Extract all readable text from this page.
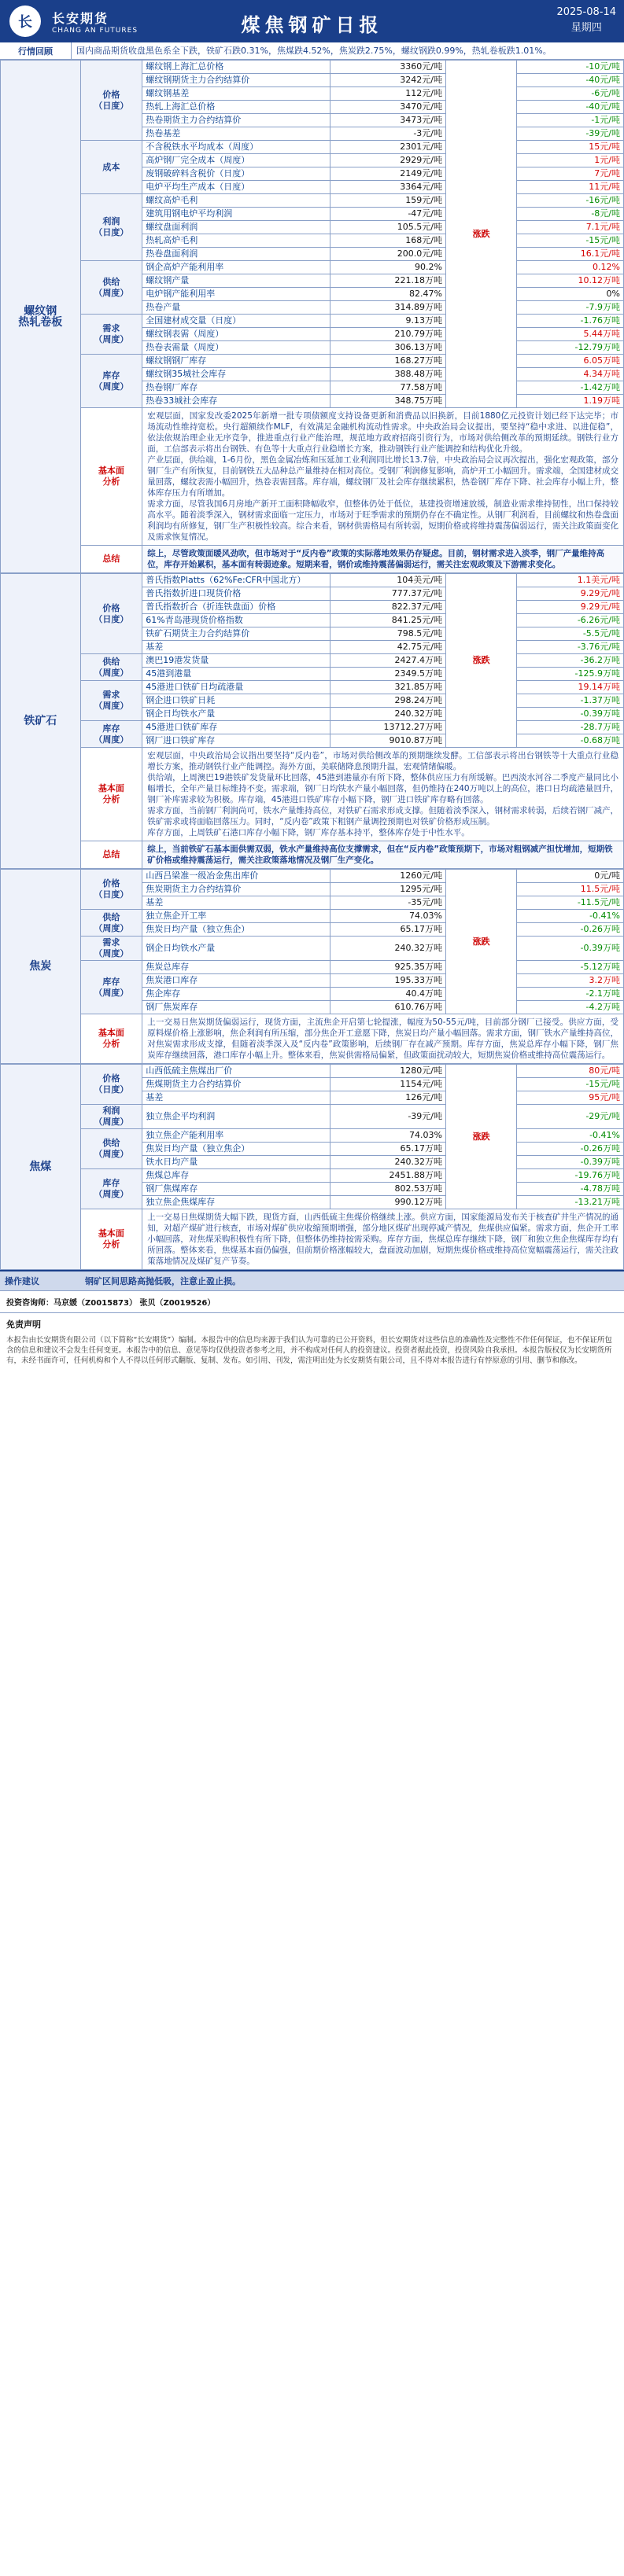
长	长安期货
CHANG AN FUTURES	煤焦钢矿日报
2025-08-14
星期四
行情回顾	国内商品期货收盘黑色系全下跌，铁矿石跌0.31%，焦煤跌4.52%，焦炭跌2.75%，螺纹钢跌0.99%，热轧卷板跌1.01%。
螺纹钢
热轧卷板	价格
（日度）	螺纹钢上海汇总价格	3360元/吨	涨跌	-10元/吨
		螺纹钢期货主力合约结算价	3242元/吨		-40元/吨
		螺纹钢基差	112元/吨		-6元/吨
		热轧上海汇总价格	3470元/吨		-40元/吨
		热卷期货主力合约结算价	3473元/吨		-1元/吨
		热卷基差	-3元/吨		-39元/吨
	成本	不含税铁水平均成本（周度）	2301元/吨		15元/吨
		高炉钢厂完全成本（周度）	2929元/吨		1元/吨
		废钢破碎料含税价（日度）	2149元/吨		7元/吨
		电炉平均生产成本（日度）	3364元/吨		11元/吨
	利润
（日度）	螺纹高炉毛利	159元/吨		-16元/吨
		建筑用钢电炉平均利润	-47元/吨		-8元/吨
		螺纹盘面利润	105.5元/吨		7.1元/吨
		热轧高炉毛利	168元/吨		-15元/吨
		热卷盘面利润	200.0元/吨		16.1元/吨
	供给
（周度）	钢企高炉产能利用率	90.2%		0.12%
		螺纹钢产量	221.18万吨		10.12万吨
		电炉钢产能利用率	82.47%		0%
		热卷产量	314.89万吨		-7.9万吨
	需求
（周度）	全国建材成交量（日度）	9.13万吨		-1.76万吨
		螺纹钢表需（周度）	210.79万吨		5.44万吨
		热卷表需量（周度）	306.13万吨		-12.79万吨
	库存
（周度）	螺纹钢钢厂库存	168.27万吨		6.05万吨
		螺纹钢35城社会库存	388.48万吨		4.34万吨
		热卷钢厂库存	77.58万吨		-1.42万吨
		热卷33城社会库存	348.75万吨		1.19万吨
	基本面
分析	宏观层面，国家发改委2025年新增一批专项债额度支持设备更新和消费品以旧换新，目前1880亿元投资计划已经下达完毕；市场流动性维持宽松。央行超额续作MLF，有效满足金融机构流动性需求。中央政治局会议提出，要坚持“稳中求进、以进促稳”，依法依规治理企业无序竞争，推进重点行业产能治理，规范地方政府招商引资行为，市场对供给侧改革的预期延续。钢铁行业方面，工信部表示将出台钢铁、有色等十大重点行业稳增长方案，推动钢铁行业产能调控和结构优化升级。
产业层面，供给端，1-6月份，黑色金属冶炼和压延加工业利润同比增长13.7倍，中央政治局会议再次提出，强化宏观政策，部分钢厂生产有所恢复，目前钢铁五大品种总产量维持在相对高位。受钢厂利润修复影响，高炉开工小幅回升。需求端，全国建材成交量回落，螺纹表需小幅回升，热卷表需回落。库存端，螺纹钢厂及社会库存继续累积，热卷钢厂库存下降、社会库存小幅上升，整体库存压力有所增加。
需求方面，尽管我国6月房地产新开工面积降幅收窄，但整体仍处于低位，基建投资增速放缓，制造业需求维持韧性，出口保持较高水平。随着淡季深入，钢材需求面临一定压力，市场对于旺季需求的预期仍存在不确定性。从钢厂利润看，目前螺纹和热卷盘面利润均有所修复，钢厂生产积极性较高。综合来看，钢材供需格局有所转弱，短期价格或将维持震荡偏弱运行，需关注政策面变化及需求恢复情况。			
	总结	综上，尽管政策面暖风劲吹，但市场对于“反内卷”政策的实际落地效果仍存疑虑。目前，钢材需求进入淡季，钢厂产量维持高位，库存开始累积，基本面有转弱迹象。短期来看，钢价或维持震荡偏弱运行，需关注宏观政策及下游需求变化。			
铁矿石	价格
（日度）	普氏指数Platts（62%Fe:CFR中国北方）	104美元/吨	涨跌	1.1美元/吨
		普氏指数折进口现货价格	777.37元/吨		9.29元/吨
		普氏指数折合（折连铁盘面）价格	822.37元/吨		9.29元/吨
		61%青岛港现货价格指数	841.25元/吨		-6.26元/吨
		铁矿石期货主力合约结算价	798.5元/吨		-5.5元/吨
		基差	42.75元/吨		-3.76元/吨
	供给
（周度）	澳巴19港发货量	2427.4万吨		-36.2万吨
		45港到港量	2349.5万吨		-125.9万吨
	需求
（周度）	45港进口铁矿日均疏港量	321.85万吨		19.14万吨
		钢企进口铁矿日耗	298.24万吨		-1.37万吨
		钢企日均铁水产量	240.32万吨		-0.39万吨
	库存
（周度）	45港进口铁矿库存	13712.27万吨		-28.7万吨
		钢厂进口铁矿库存	9010.87万吨		-0.68万吨
	基本面
分析	宏观层面，中央政治局会议指出要坚持“反内卷”，市场对供给侧改革的预期继续发酵。工信部表示将出台钢铁等十大重点行业稳增长方案，推动钢铁行业产能调控。海外方面，美联储降息预期升温，宏观情绪偏暖。
供给端，上周澳巴19港铁矿发货量环比回落，45港到港量亦有所下降，整体供应压力有所缓解。巴西淡水河谷二季度产量同比小幅增长，全年产量目标维持不变。需求端，钢厂日均铁水产量小幅回落，但仍维持在240万吨以上的高位，港口日均疏港量回升，钢厂补库需求较为积极。库存端，45港进口铁矿库存小幅下降，钢厂进口铁矿库存略有回落。
需求方面，当前钢厂利润尚可，铁水产量维持高位，对铁矿石需求形成支撑。但随着淡季深入，钢材需求转弱，后续若钢厂减产，铁矿需求或将面临回落压力。同时，“反内卷”政策下粗钢产量调控预期也对铁矿价格形成压制。
库存方面，上周铁矿石港口库存小幅下降，钢厂库存基本持平，整体库存处于中性水平。			
	总结	综上，当前铁矿石基本面供需双弱，铁水产量维持高位支撑需求，但在“反内卷”政策预期下，市场对粗钢减产担忧增加，短期铁矿价格或维持震荡运行，需关注政策落地情况及钢厂生产变化。			
焦炭	价格
（日度）	山西吕梁准一级冶金焦出库价	1260元/吨	涨跌	0元/吨
		焦炭期货主力合约结算价	1295元/吨		11.5元/吨
		基差	-35元/吨		-11.5元/吨
	供给
（周度）	独立焦企开工率	74.03%		-0.41%
		焦炭日均产量（独立焦企）	65.17万吨		-0.26万吨
	需求
（周度）	钢企日均铁水产量	240.32万吨		-0.39万吨
	库存
（周度）	焦炭总库存	925.35万吨		-5.12万吨
		焦炭港口库存	195.33万吨		3.2万吨
		焦企库存	40.4万吨		-2.1万吨
		钢厂焦炭库存	610.76万吨		-4.2万吨
	基本面
分析	上一交易日焦炭期货偏弱运行，现货方面，主流焦企开启第七轮提涨，幅度为50-55元/吨，目前部分钢厂已接受。供应方面，受原料煤价格上涨影响，焦企利润有所压缩，部分焦企开工意愿下降，焦炭日均产量小幅回落。需求方面，钢厂铁水产量维持高位，对焦炭需求形成支撑，但随着淡季深入及“反内卷”政策影响，后续钢厂存在减产预期。库存方面，焦炭总库存小幅下降，钢厂焦炭库存继续回落，港口库存小幅上升。整体来看，焦炭供需格局偏紧，但政策面扰动较大，短期焦炭价格或维持高位震荡运行。			
焦煤	价格
（日度）	山西低硫主焦煤出厂价	1280元/吨	涨跌	80元/吨
		焦煤期货主力合约结算价	1154元/吨		-15元/吨
		基差	126元/吨		95元/吨
	利润
（周度）	独立焦企平均利润	-39元/吨		-29元/吨
	供给
（周度）	独立焦企产能利用率	74.03%		-0.41%
		焦炭日均产量（独立焦企）	65.17万吨		-0.26万吨
		铁水日均产量	240.32万吨		-0.39万吨
	库存
（周度）	焦煤总库存	2451.88万吨		-19.76万吨
		钢厂焦煤库存	802.53万吨		-4.78万吨
		独立焦企焦煤库存	990.12万吨		-13.21万吨
	基本面
分析	上一交易日焦煤期货大幅下跌，现货方面，山西低硫主焦煤价格继续上涨。供应方面，国家能源局发布关于核查矿井生产情况的通知，对超产煤矿进行核查，市场对煤矿供应收缩预期增强，部分地区煤矿出现停减产情况，焦煤供应偏紧。需求方面，焦企开工率小幅回落，对焦煤采购积极性有所下降，但整体仍维持按需采购。库存方面，焦煤总库存继续下降，钢厂和独立焦企焦煤库存均有所回落。整体来看，焦煤基本面仍偏强，但前期价格涨幅较大，盘面波动加剧，短期焦煤价格或维持高位宽幅震荡运行，需关注政策落地情况及煤矿复产节奏。			
操作建议	钢矿区间思路高抛低吸，注意止盈止损。
投资咨询师：马京媛（Z0015873） 张贝（Z0019526）
免责声明
本报告由长安期货有限公司（以下简称“长安期货”）编制。本报告中的信息均来源于我们认为可靠的已公开资料，但长安期货对这些信息的准确性及完整性不作任何保证，也不保证所包含的信息和建议不会发生任何变更。本报告中的信息、意见等均仅供投资者参考之用，并不构成对任何人的投资建议。投资者据此投资，投资风险自我承担。本报告版权仅为长安期货所有，未经书面许可，任何机构和个人不得以任何形式翻版、复制、发布。如引用、刊发，需注明出处为长安期货有限公司，且不得对本报告进行有悖原意的引用、删节和修改。
